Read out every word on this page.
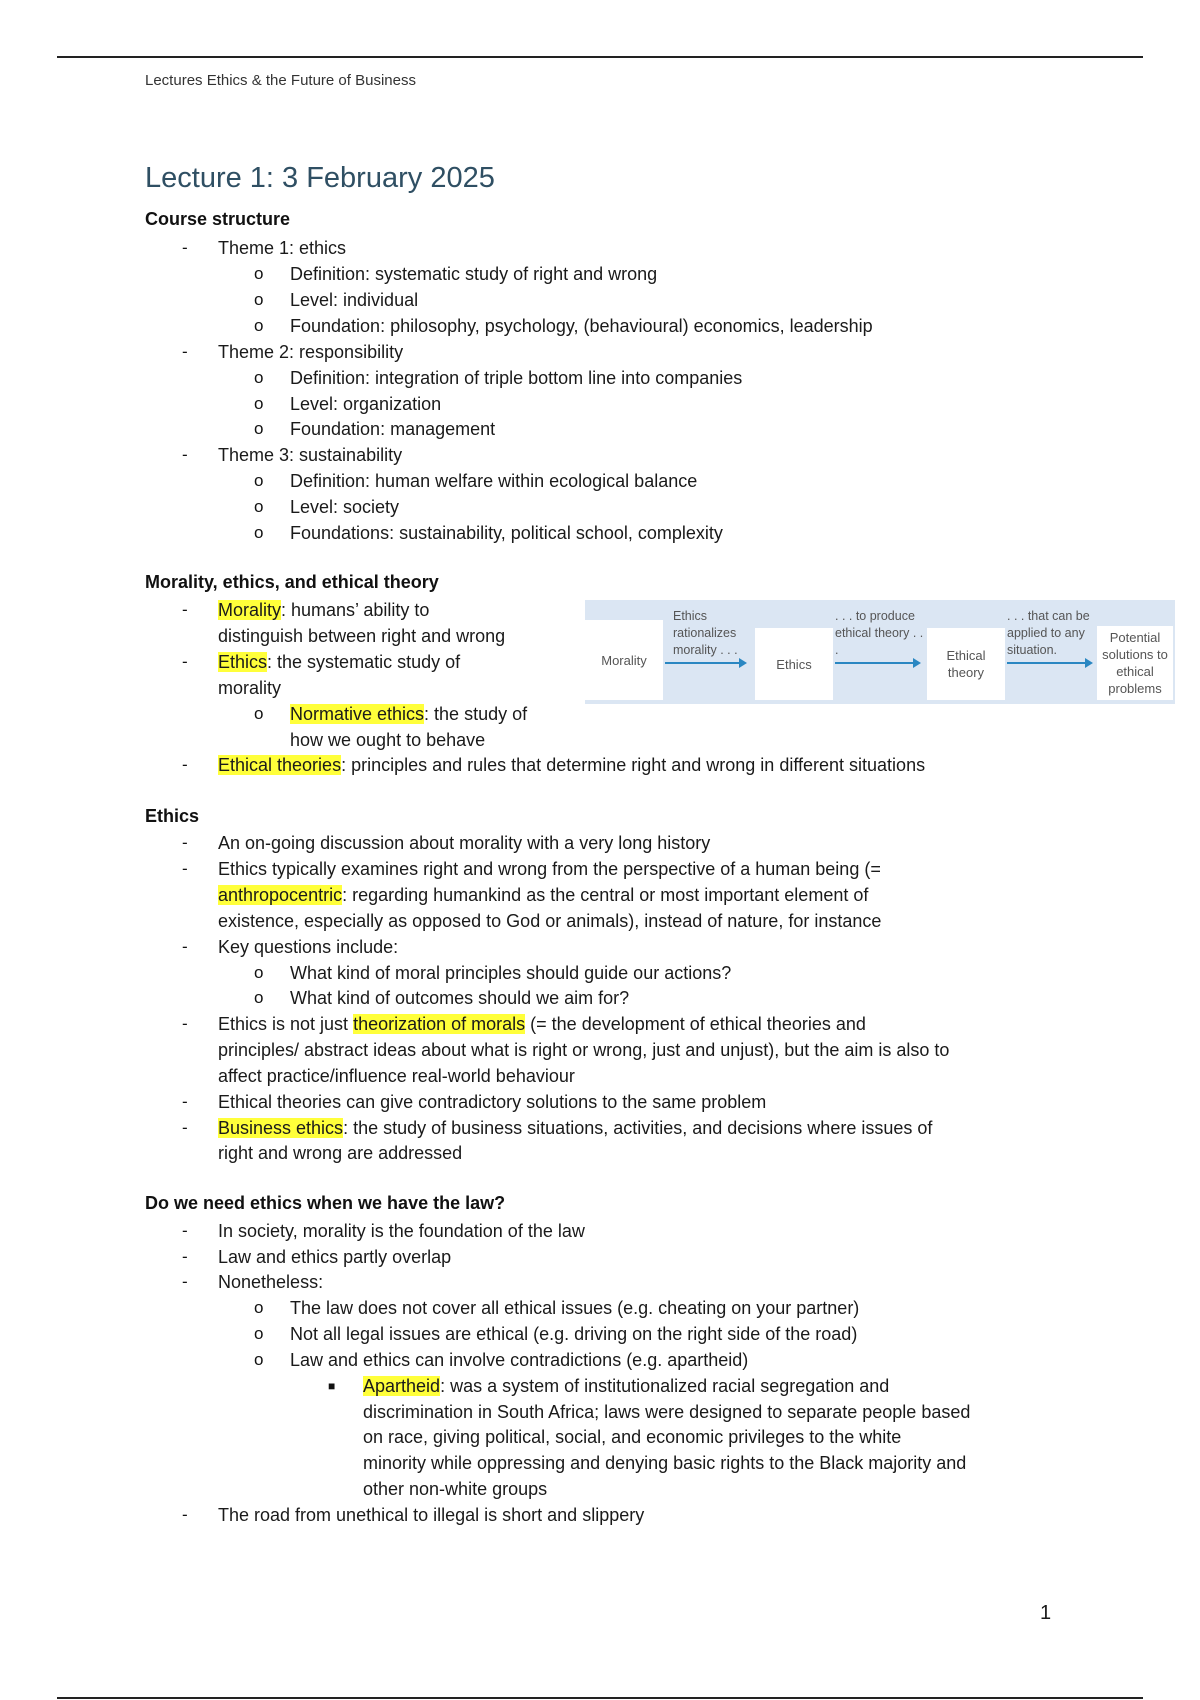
Lectures Ethics & the Future of Business
Lecture 1: 3 February 2025
Course structure
- Theme 1: ethics
o Definition: systematic study of right and wrong
o Level: individual
o Foundation: philosophy, psychology, (behavioural) economics, leadership
- Theme 2: responsibility
o Definition: integration of triple bottom line into companies
o Level: organization
o Foundation: management
- Theme 3: sustainability
o Definition: human welfare within ecological balance
o Level: society
o Foundations: sustainability, political school, complexity
Morality, ethics, and ethical theory
- Morality: humans’ ability to
distinguish between right and wrong
- Ethics: the systematic study of
morality
o Normative ethics: the study of
how we ought to behave
- Ethical theories: principles and rules that determine right and wrong in different situations
Morality
Ethics rationalizes morality . . .
Ethics
. . . to produce ethical theory . . .	Ethical theory
. . . that can be applied to any situation.
Potential solutions to ethical problems
Ethics
- An on-going discussion about morality with a very long history
- Ethics typically examines right and wrong from the perspective of a human being (=
anthropocentric: regarding humankind as the central or most important element of
existence, especially as opposed to God or animals), instead of nature, for instance
- Key questions include:
o What kind of moral principles should guide our actions?
o What kind of outcomes should we aim for?
- Ethics is not just theorization of morals (= the development of ethical theories and
principles/ abstract ideas about what is right or wrong, just and unjust), but the aim is also to
affect practice/influence real-world behaviour
- Ethical theories can give contradictory solutions to the same problem
- Business ethics: the study of business situations, activities, and decisions where issues of
right and wrong are addressed
Do we need ethics when we have the law?
- In society, morality is the foundation of the law
- Law and ethics partly overlap
- Nonetheless:
o The law does not cover all ethical issues (e.g. cheating on your partner)
o Not all legal issues are ethical (e.g. driving on the right side of the road)
o Law and ethics can involve contradictions (e.g. apartheid)
■ Apartheid: was a system of institutionalized racial segregation and
discrimination in South Africa; laws were designed to separate people based
on race, giving political, social, and economic privileges to the white
minority while oppressing and denying basic rights to the Black majority and
other non-white groups
- The road from unethical to illegal is short and slippery
1
